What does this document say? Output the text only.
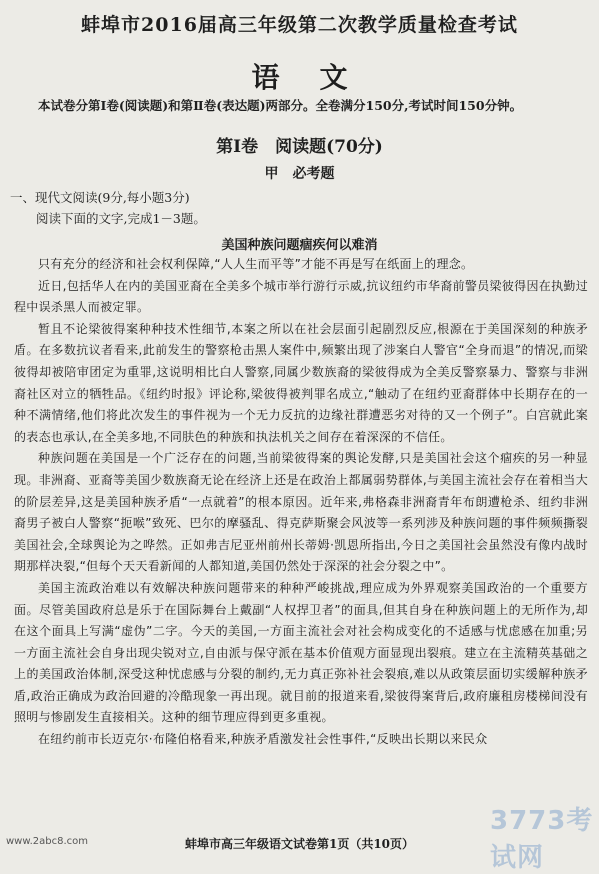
蚌埠市2016届高三年级第二次教学质量检查考试
语文
本试卷分第Ⅰ卷(阅读题)和第Ⅱ卷(表达题)两部分。全卷满分150分,考试时间150分钟。
第Ⅰ卷　阅读题(70分)
甲　必考题
一、现代文阅读(9分,每小题3分)
阅读下面的文字,完成1－3题。
美国种族问题痼疾何以难消

只有充分的经济和社会权利保障,“人人生而平等”才能不再是写在纸面上的理念。

近日,包括华人在内的美国亚裔在全美多个城市举行游行示威,抗议纽约市华裔前警员梁彼得因在执勤过程中误杀黑人而被定罪。

暂且不论梁彼得案种种技术性细节,本案之所以在社会层面引起剧烈反应,根源在于美国深刻的种族矛盾。在多数抗议者看来,此前发生的警察枪击黑人案件中,频繁出现了涉案白人警官“全身而退”的情况,而梁彼得却被陪审团定为重罪,这说明相比白人警察,同属少数族裔的梁彼得成为全美反警察暴力、警察与非洲裔社区对立的牺牲品。《纽约时报》评论称,梁彼得被判罪名成立,“触动了在纽约亚裔群体中长期存在的一种不满情绪,他们将此次发生的事件视为一个无力反抗的边缘社群遭恶劣对待的又一个例子”。白宫就此案的表态也承认,在全美多地,不同肤色的种族和执法机关之间存在着深深的不信任。

种族问题在美国是一个广泛存在的问题,当前梁彼得案的舆论发酵,只是美国社会这个痼疾的另一种显现。非洲裔、亚裔等美国少数族裔无论在经济上还是在政治上都属弱势群体,与美国主流社会存在着相当大的阶层差异,这是美国种族矛盾“一点就着”的根本原因。近年来,弗格森非洲裔青年布朗遭枪杀、纽约非洲裔男子被白人警察“扼喉”致死、巴尔的摩骚乱、得克萨斯聚会风波等一系列涉及种族问题的事件频频撕裂美国社会,全球舆论为之哗然。正如弗吉尼亚州前州长蒂姆·凯恩所指出,今日之美国社会虽然没有像内战时期那样决裂,“但每个天天看新闻的人都知道,美国仍然处于深深的社会分裂之中”。

美国主流政治难以有效解决种族问题带来的种种严峻挑战,理应成为外界观察美国政治的一个重要方面。尽管美国政府总是乐于在国际舞台上戴副“人权捍卫者”的面具,但其自身在种族问题上的无所作为,却在这个面具上写满“虚伪”二字。今天的美国,一方面主流社会对社会构成变化的不适感与忧虑感在加重;另一方面主流社会自身出现尖锐对立,自由派与保守派在基本价值观方面显现出裂痕。建立在主流精英基础之上的美国政治体制,深受这种忧虑感与分裂的制约,无力真正弥补社会裂痕,难以从政策层面切实缓解种族矛盾,政治正确成为政治回避的冷酷现象一再出现。就目前的报道来看,梁彼得案背后,政府廉租房楼梯间没有照明与惨剧发生直接相关。这种的细节理应得到更多重视。

在纽约前市长迈克尔·布隆伯格看来,种族矛盾激发社会性事件,“反映出长期以来民众

3773考试网
www.2abc8.com	蚌埠市高三年级语文试卷第1页（共10页）
